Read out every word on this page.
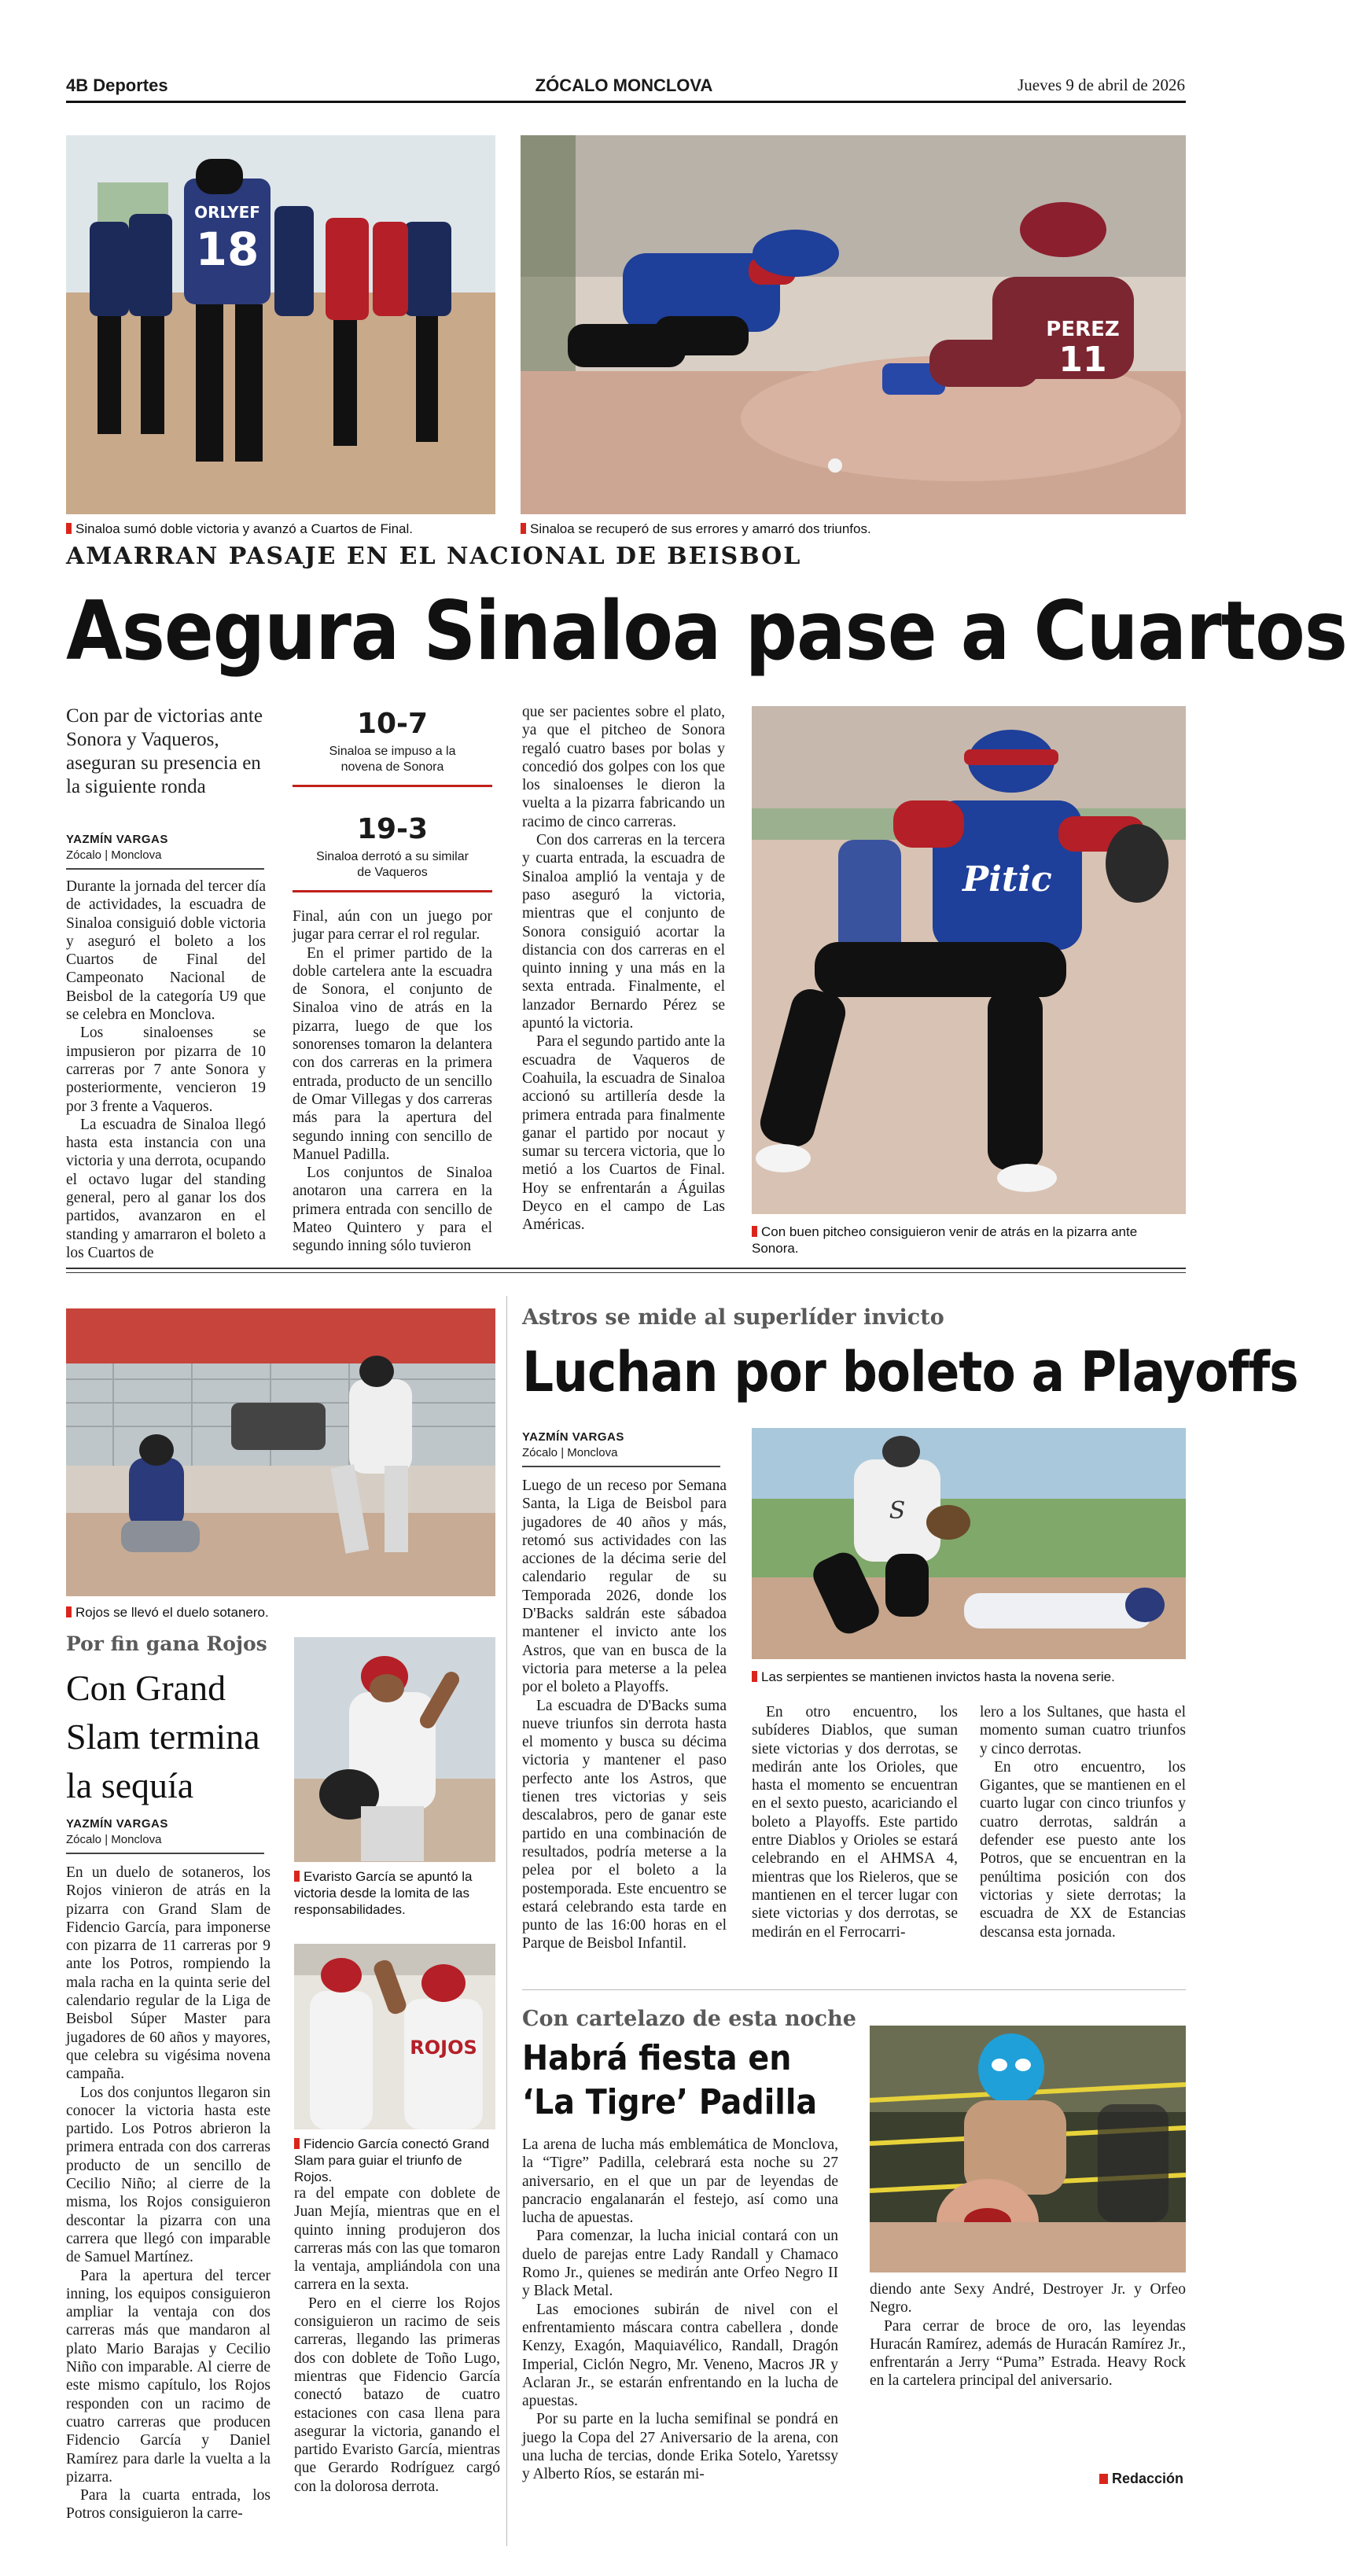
4B Deportes	ZÓCALO MONCLOVA	Jueves 9 de abril de 2026
ORLYEF
18
Sinaloa sumó doble victoria y avanzó a Cuartos de Final.
PEREZ
11
Sinaloa se recuperó de sus errores y amarró dos triunfos.
AMARRAN PASAJE EN EL NACIONAL DE BEISBOL
Asegura Sinaloa pase a Cuartos
Con par de victorias ante Sonora y Vaqueros, aseguran su presencia en la siguiente ronda
YAZMÍN VARGAS
Zócalo | Monclova

Durante la jornada del tercer día de actividades, la escuadra de Sinaloa consiguió doble victoria y aseguró el boleto a los Cuartos de Final del Campeonato Nacional de Beisbol de la categoría U9 que se celebra en Monclova.

Los sinaloenses se impusieron por pizarra de 10 carreras por 7 ante Sonora y posteriormente, vencieron 19 por 3 frente a Vaqueros.

La escuadra de Sinaloa llegó hasta esta instancia con una victoria y una derrota, ocupando el octavo lugar del standing general, pero al ganar los dos partidos, avanzaron en el standing y amarraron el boleto a los Cuartos de

10-7
Sinaloa se impuso a la novena de Sonora
19-3
Sinaloa derrotó a su similar de Vaqueros

Final, aún con un juego por jugar para cerrar el rol regular.

En el primer partido de la doble cartelera ante la escuadra de Sonora, el conjunto de Sinaloa vino de atrás en la pizarra, luego de que los sonorenses tomaron la delantera con dos carreras en la primera entrada, producto de un sencillo de Omar Villegas y dos carreras más para la apertura del segundo inning con sencillo de Manuel Padilla.

Los conjuntos de Sinaloa anotaron una carrera en la primera entrada con sencillo de Mateo Quintero y para el segundo inning sólo tuvieron

que ser pacientes sobre el plato, ya que el pitcheo de Sonora regaló cuatro bases por bolas y concedió dos golpes con los que los sinaloenses le dieron la vuelta a la pizarra fabricando un racimo de cinco carreras.

Con dos carreras en la tercera y cuarta entrada, la escuadra de Sinaloa amplió la ventaja y de paso aseguró la victoria, mientras que el conjunto de Sonora consiguió acortar la distancia con dos carreras en el quinto inning y una más en la sexta entrada. Finalmente, el lanzador Bernardo Pérez se apuntó la victoria.

Para el segundo partido ante la escuadra de Vaqueros de Coahuila, la escuadra de Sinaloa accionó su artillería desde la primera entrada para finalmente ganar el partido por nocaut y sumar su tercera victoria, que lo metió a los Cuartos de Final. Hoy se enfrentarán a Águilas Deyco en el campo de Las Américas.

Pitic
Con buen pitcheo consiguieron venir de atrás en la pizarra ante Sonora.
Rojos se llevó el duelo sotanero.
Por fin gana Rojos
Con Grand Slam termina la sequía
YAZMÍN VARGAS
Zócalo | Monclova

En un duelo de sotaneros, los Rojos vinieron de atrás en la pizarra con Grand Slam de Fidencio García, para imponerse con pizarra de 11 carreras por 9 ante los Potros, rompiendo la mala racha en la quinta serie del calendario regular de la Liga de Beisbol Súper Master para jugadores de 60 años y mayores, que celebra su vigésima novena campaña.

Los dos conjuntos llegaron sin conocer la victoria hasta este partido. Los Potros abrieron la primera entrada con dos carreras producto de un sencillo de Cecilio Niño; al cierre de la misma, los Rojos consiguieron descontar la pizarra con una carrera que llegó con imparable de Samuel Martínez.

Para la apertura del tercer inning, los equipos consiguieron ampliar la ventaja con dos carreras más que mandaron al plato Mario Barajas y Cecilio Niño con imparable. Al cierre de este mismo capítulo, los Rojos responden con un racimo de cuatro carreras que producen Fidencio García y Daniel Ramírez para darle la vuelta a la pizarra.

Para la cuarta entrada, los Potros consiguieron la carre-

Evaristo García se apuntó la victoria desde la lomita de las responsabilidades.
ROJOS
Fidencio García conectó Grand Slam para guiar el triunfo de Rojos.

ra del empate con doblete de Juan Mejía, mientras que en el quinto inning produjeron dos carreras más con las que tomaron la ventaja, ampliándola con una carrera en la sexta.

Pero en el cierre los Rojos consiguieron un racimo de seis carreras, llegando las primeras dos con doblete de Toño Lugo, mientras que Fidencio García conectó batazo de cuatro estaciones con casa llena para asegurar la victoria, ganando el partido Evaristo García, mientras que Gerardo Rodríguez cargó con la dolorosa derrota.

Astros se mide al superlíder invicto
Luchan por boleto a Playoffs
YAZMÍN VARGAS
Zócalo | Monclova

Luego de un receso por Semana Santa, la Liga de Beisbol para jugadores de 40 años y más, retomó sus actividades con las acciones de la décima serie del calendario regular de su Temporada 2026, donde los D'Backs saldrán este sábadoa mantener el invicto ante los Astros, que van en busca de la victoria para meterse a la pelea por el boleto a Playoffs.

La escuadra de D'Backs suma nueve triunfos sin derrota hasta el momento y busca su décima victoria y mantener el paso perfecto ante los Astros, que tienen tres victorias y seis descalabros, pero de ganar este partido en una combinación de resultados, podría meterse a la pelea por el boleto a la postemporada. Este encuentro se estará celebrando esta tarde en punto de las 16:00 horas en el Parque de Beisbol Infantil.

S
Las serpientes se mantienen invictos hasta la novena serie.

En otro encuentro, los subíderes Diablos, que suman siete victorias y dos derrotas, se medirán ante los Orioles, que hasta el momento se encuentran en el sexto puesto, acariciando el boleto a Playoffs. Este partido entre Diablos y Orioles se estará celebrando en el AHMSA 4, mientras que los Rieleros, que se mantienen en el tercer lugar con siete victorias y dos derrotas, se medirán en el Ferrocarri-

lero a los Sultanes, que hasta el momento suman cuatro triunfos y cinco derrotas.

En otro encuentro, los Gigantes, que se mantienen en el cuarto lugar con cinco triunfos y cuatro derrotas, saldrán a defender ese puesto ante los Potros, que se encuentran en la penúltima posición con dos victorias y siete derrotas; la escuadra de XX de Estancias descansa esta jornada.

Con cartelazo de esta noche
Habrá fiesta en
‘La Tigre’ Padilla

La arena de lucha más emblemática de Monclova, la “Tigre” Padilla, celebrará esta noche su 27 aniversario, en el que un par de leyendas de pancracio engalanarán el festejo, así como una lucha de apuestas.

Para comenzar, la lucha inicial contará con un duelo de parejas entre Lady Randall y Chamaco Romo Jr., quienes se medirán ante Orfeo Negro II y Black Metal.

Las emociones subirán de nivel con el enfrentamiento máscara contra cabellera , donde Kenzy, Exagón, Maquiavélico, Randall, Dragón Imperial, Ciclón Negro, Mr. Veneno, Macros JR y Aclaran Jr., se estarán enfrentando en la lucha de apuestas.

Por su parte en la lucha semifinal se pondrá en juego la Copa del 27 Aniversario de la arena, con una lucha de tercias, donde Erika Sotelo, Yaretssy y Alberto Ríos, se estarán mi-

diendo ante Sexy André, Destroyer Jr. y Orfeo Negro.

Para cerrar de broce de oro, las leyendas Huracán Ramírez, además de Huracán Ramírez Jr., enfrentarán a Jerry “Puma” Estrada. Heavy Rock en la cartelera principal del aniversario.

Redacción
